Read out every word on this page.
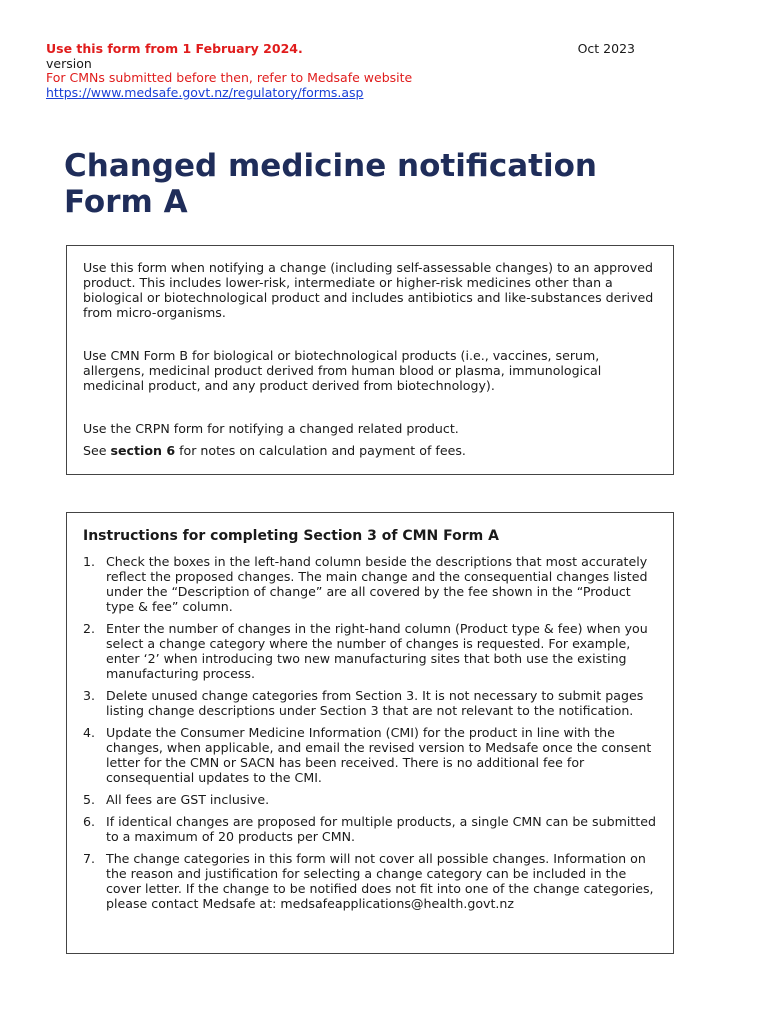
Use this form from 1 February 2024.	Oct 2023
version
For CMNs submitted before then, refer to Medsafe website
https://www.medsafe.govt.nz/regulatory/forms.asp
Changed medicine notification
Form A

Use this form when notifying a change (including self-assessable changes) to an approved product. This includes lower-risk, intermediate or higher-risk medicines other than a biological or biotechnological product and includes antibiotics and like-substances derived from micro-organisms.

Use CMN Form B for biological or biotechnological products (i.e., vaccines, serum, allergens, medicinal product derived from human blood or plasma, immunological medicinal product, and any product derived from biotechnology).

Use the CRPN form for notifying a changed related product.

See section 6 for notes on calculation and payment of fees.

Instructions for completing Section 3 of CMN Form A
1. Check the boxes in the left-hand column beside the descriptions that most accurately reflect the proposed changes. The main change and the consequential changes listed under the “Description of change” are all covered by the fee shown in the “Product type & fee” column.
2. Enter the number of changes in the right-hand column (Product type & fee) when you select a change category where the number of changes is requested. For example, enter ‘2’ when introducing two new manufacturing sites that both use the existing manufacturing process.
3. Delete unused change categories from Section 3. It is not necessary to submit pages listing change descriptions under Section 3 that are not relevant to the notification.
4. Update the Consumer Medicine Information (CMI) for the product in line with the changes, when applicable, and email the revised version to Medsafe once the consent letter for the CMN or SACN has been received. There is no additional fee for consequential updates to the CMI.
5. All fees are GST inclusive.
6. If identical changes are proposed for multiple products, a single CMN can be submitted to a maximum of 20 products per CMN.
7. The change categories in this form will not cover all possible changes. Information on the reason and justification for selecting a change category can be included in the cover letter. If the change to be notified does not fit into one of the change categories, please contact Medsafe at: medsafeapplications@health.govt.nz
